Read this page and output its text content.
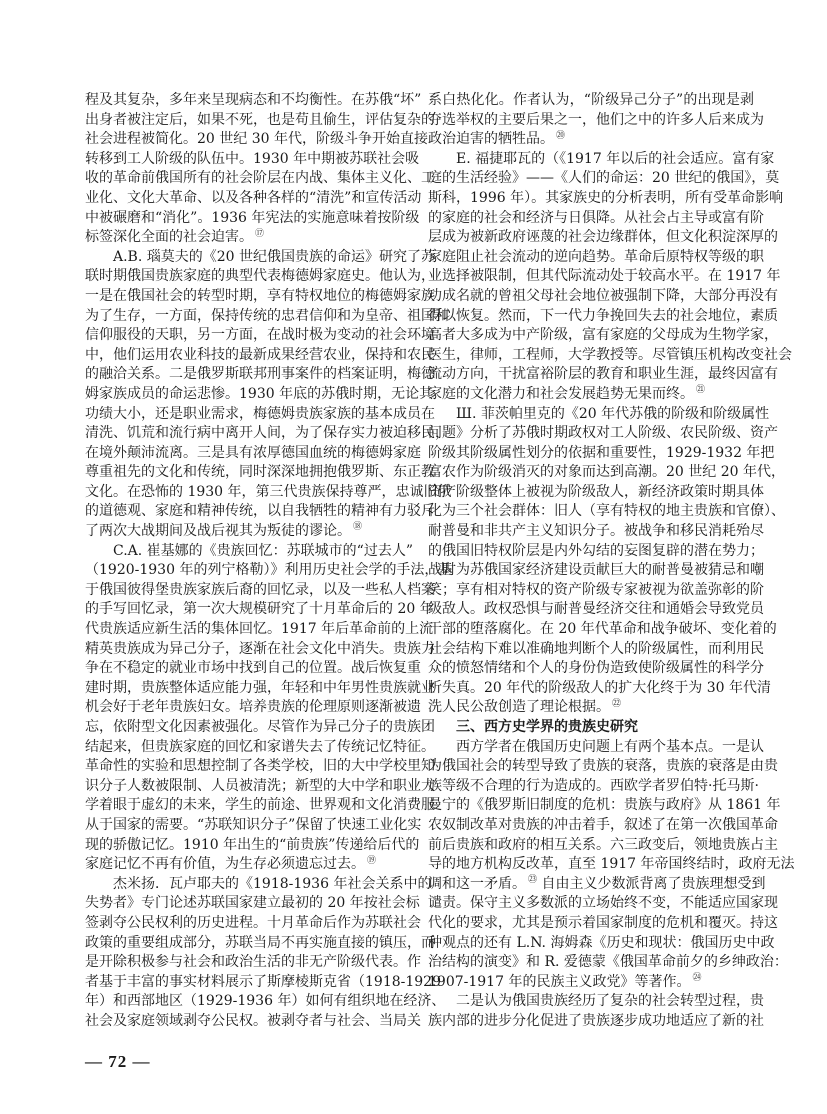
程及其复杂，多年来呈现病态和不均衡性。在苏俄“坏”
出身者被注定后，如果不死，也是苟且偷生，评估复杂的
社会进程被简化。20 世纪 30 年代，阶级斗争开始直接
转移到工人阶级的队伍中。1930 年中期被苏联社会吸
收的革命前俄国所有的社会阶层在内战、集体主义化、工
业化、文化大革命、以及各种各样的“清洗”和宣传活动
中被碾磨和“消化”。1936 年宪法的实施意味着按阶级
标签深化全面的社会迫害。 ⑰
A.B. 瑙莫夫的《20 世纪俄国贵族的命运》研究了苏
联时期俄国贵族家庭的典型代表梅德姆家庭史。他认为，
一是在俄国社会的转型时期，享有特权地位的梅德姆家族
为了生存，一方面，保持传统的忠君信仰和为皇帝、祖国和
信仰服役的天职，另一方面，在战时极为变动的社会环境
中，他们运用农业科技的最新成果经营农业，保持和农民
的融洽关系。二是俄罗斯联邦刑事案件的档案证明，梅德
姆家族成员的命运悲惨。1930 年底的苏俄时期，无论其
功绩大小，还是职业需求，梅德姆贵族家族的基本成员在
清洗、饥荒和流行病中离开人间，为了保存实力被迫移民，
在境外颠沛流离。三是具有浓厚德国血统的梅德姆家庭
尊重祖先的文化和传统，同时深深地拥抱俄罗斯、东正教
文化。在恐怖的 1930 年，第三代贵族保持尊严，忠诚旧俄
的道德观、家庭和精神传统，以自我牺牲的精神有力驳斥
了两次大战期间及战后视其为叛徒的谬论。 ⑱
C.A. 崔基娜的《贵族回忆：苏联城市的“过去人”
（1920-1930 年的列宁格勒）》利用历史社会学的手法，基
于俄国彼得堡贵族家族后裔的回忆录，以及一些私人档案
的手写回忆录，第一次大规模研究了十月革命后的 20 年
代贵族适应新生活的集体回忆。1917 年后革命前的上流
精英贵族成为异己分子，逐渐在社会文化中消失。贵族力
争在不稳定的就业市场中找到自己的位置。战后恢复重
建时期，贵族整体适应能力强，年轻和中年男性贵族就业
机会好于老年贵族妇女。培养贵族的伦理原则逐渐被遗
忘，依附型文化因素被强化。尽管作为异己分子的贵族团
结起来，但贵族家庭的回忆和家谱失去了传统记忆特征。
革命性的实验和思想控制了各类学校，旧的大中学校里知
识分子人数被限制、人员被清洗；新型的大中学和职业大
学着眼于虚幻的未来，学生的前途、世界观和文化消费服
从于国家的需要。“苏联知识分子”保留了快速工业化实
现的骄傲记忆。1910 年出生的“前贵族”传递给后代的
家庭记忆不再有价值，为生存必须遗忘过去。 ⑲
杰米扬．瓦卢耶夫的《1918-1936 年社会关系中的
失势者》专门论述苏联国家建立最初的 20 年按社会标
签剥夺公民权利的历史进程。十月革命后作为苏联社会
政策的重要组成部分，苏联当局不再实施直接的镇压，而
是开除积极参与社会和政治生活的非无产阶级代表。作
者基于丰富的事实材料展示了斯摩棱斯克省（1918-1929
年）和西部地区（1929-1936 年）如何有组织地在经济、
社会及家庭领域剥夺公民权。被剥夺者与社会、当局关
系白热化化。作者认为，“阶级异己分子”的出现是剥
夺选举权的主要后果之一，他们之中的许多人后来成为
政治迫害的牺牲品。 ⑳
E. 福捷耶瓦的（《1917 年以后的社会适应。富有家
庭的生活经验》——《人们的命运：20 世纪的俄国》，莫
斯科，1996 年）。其家族史的分析表明，所有受革命影响
的家庭的社会和经济与日俱降。从社会占主导或富有阶
层成为被新政府诬蔑的社会边缘群体，但文化积淀深厚的
家庭阻止社会流动的逆向趋势。革命后原特权等级的职
业选择被限制，但其代际流动处于较高水平。在 1917 年
功成名就的曾祖父母社会地位被强制下降，大部分再没有
得以恢复。然而，下一代力争挽回失去的社会地位，素质
高者大多成为中产阶级，富有家庭的父母成为生物学家，
医生，律师，工程师，大学教授等。尽管镇压机构改变社会
流动方向，干扰富裕阶层的教育和职业生涯，最终因富有
家庭的文化潜力和社会发展趋势无果而终。 $^㉑$
Ш. 菲茨帕里克的《20 年代苏俄的阶级和阶级属性
问题》分析了苏俄时期政权对工人阶级、农民阶级、资产
阶级其阶级属性划分的依据和重要性，1929-1932 年把
富农作为阶级消灭的对象而达到高潮。20 世纪 20 年代，
资产阶级整体上被视为阶级敌人，新经济政策时期具体
化为三个社会群体：旧人（享有特权的地主贵族和官僚）、
耐普曼和非共产主义知识分子。被战争和移民消耗殆尽
的俄国旧特权阶层是内外勾结的妄图复辟的潜在势力；
战时为苏俄国家经济建设贡献巨大的耐普曼被猜忌和嘲
笑；享有相对特权的资产阶级专家被视为欲盖弥彰的阶
级敌人。政权恐惧与耐普曼经济交往和通婚会导致党员
干部的堕落腐化。在 20 年代革命和战争破坏、变化着的
社会结构下难以准确地判断个人的阶级属性，而利用民
众的愤怒情绪和个人的身份伪造致使阶级属性的科学分
析失真。20 年代的阶级敌人的扩大化终于为 30 年代清
洗人民公敌创造了理论根据。 $^㉒$
三、西方史学界的贵族史研究
西方学者在俄国历史问题上有两个基本点。一是认
为俄国社会的转型导致了贵族的衰落，贵族的衰落是由贵
族等级不合理的行为造成的。西欧学者罗伯特·托马斯·
曼宁的《俄罗斯旧制度的危机：贵族与政府》从 1861 年
农奴制改革对贵族的冲击着手，叙述了在第一次俄国革命
前后贵族和政府的相互关系。六三政变后，领地贵族占主
导的地方机构反改革，直至 1917 年帝国终结时，政府无法
调和这一矛盾。 $^㉓$ 自由主义少数派背离了贵族理想受到
谴责。保守主义多数派的立场始终不变，不能适应国家现
代化的要求，尤其是预示着国家制度的危机和覆灭。持这
种观点的还有 L.N. 海姆森《历史和现状：俄国历史中政
治结构的演变》和 R. 爱德蒙《俄国革命前夕的乡绅政治：
1907-1917 年的民族主义政党》等著作。 $^㉔$
二是认为俄国贵族经历了复杂的社会转型过程，贵
族内部的进步分化促进了贵族逐步成功地适应了新的社
— 72 —
